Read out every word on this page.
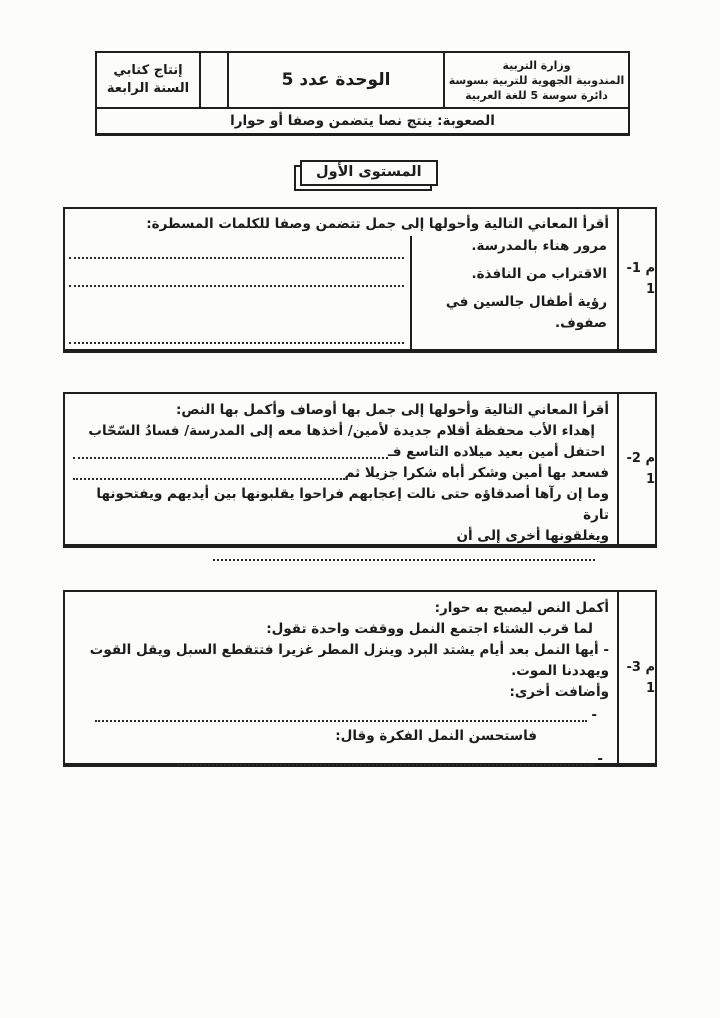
وزارة التربية
المندوبية الجهوية للتربية بسوسة
دائرة سوسة 5 للغة العربية
الوحدة عدد 5
إنتاج كتابي
السنة الرابعة
الصعوبة: ينتج نصا يتضمن وصفا أو حوارا
المستوى الأول
م 1-1
أقرأ المعاني التالية وأحولها إلى جمل تتضمن وصفا للكلمات المسطرة:
مرور هناء بالمدرسة.
الاقتراب من النافذة.
رؤية أطفال جالسين في صفوف.
م 2-1
أقرأ المعاني التالية وأحولها إلى جمل بها أوصاف وأكمل بها النص:
إهداء الأب محفظة أقلام جديدة لأمين/ أخذها معه إلى المدرسة/ فسادُ السّحّاب
احتفل أمين بعيد ميلاده التاسع فـ
فسعد بها أمين وشكر أباه شكرا جزيلا ثم
وما إن رآها أصدقاؤه حتى نالت إعجابهم فراحوا يقلبونها بين أيديهم ويفتحونها تارة
ويغلقونها أخرى إلى أن
م 3-1
أكمل النص ليصبح به حوار:
لما قرب الشتاء اجتمع النمل ووقفت واحدة تقول:
- أيها النمل بعد أيام يشتد البرد وينزل المطر غزيرا فتتقطع السبل ويقل القوت ويهددنا الموت.
وأضافت أخرى:
-
فاستحسن النمل الفكرة وقال:
-
